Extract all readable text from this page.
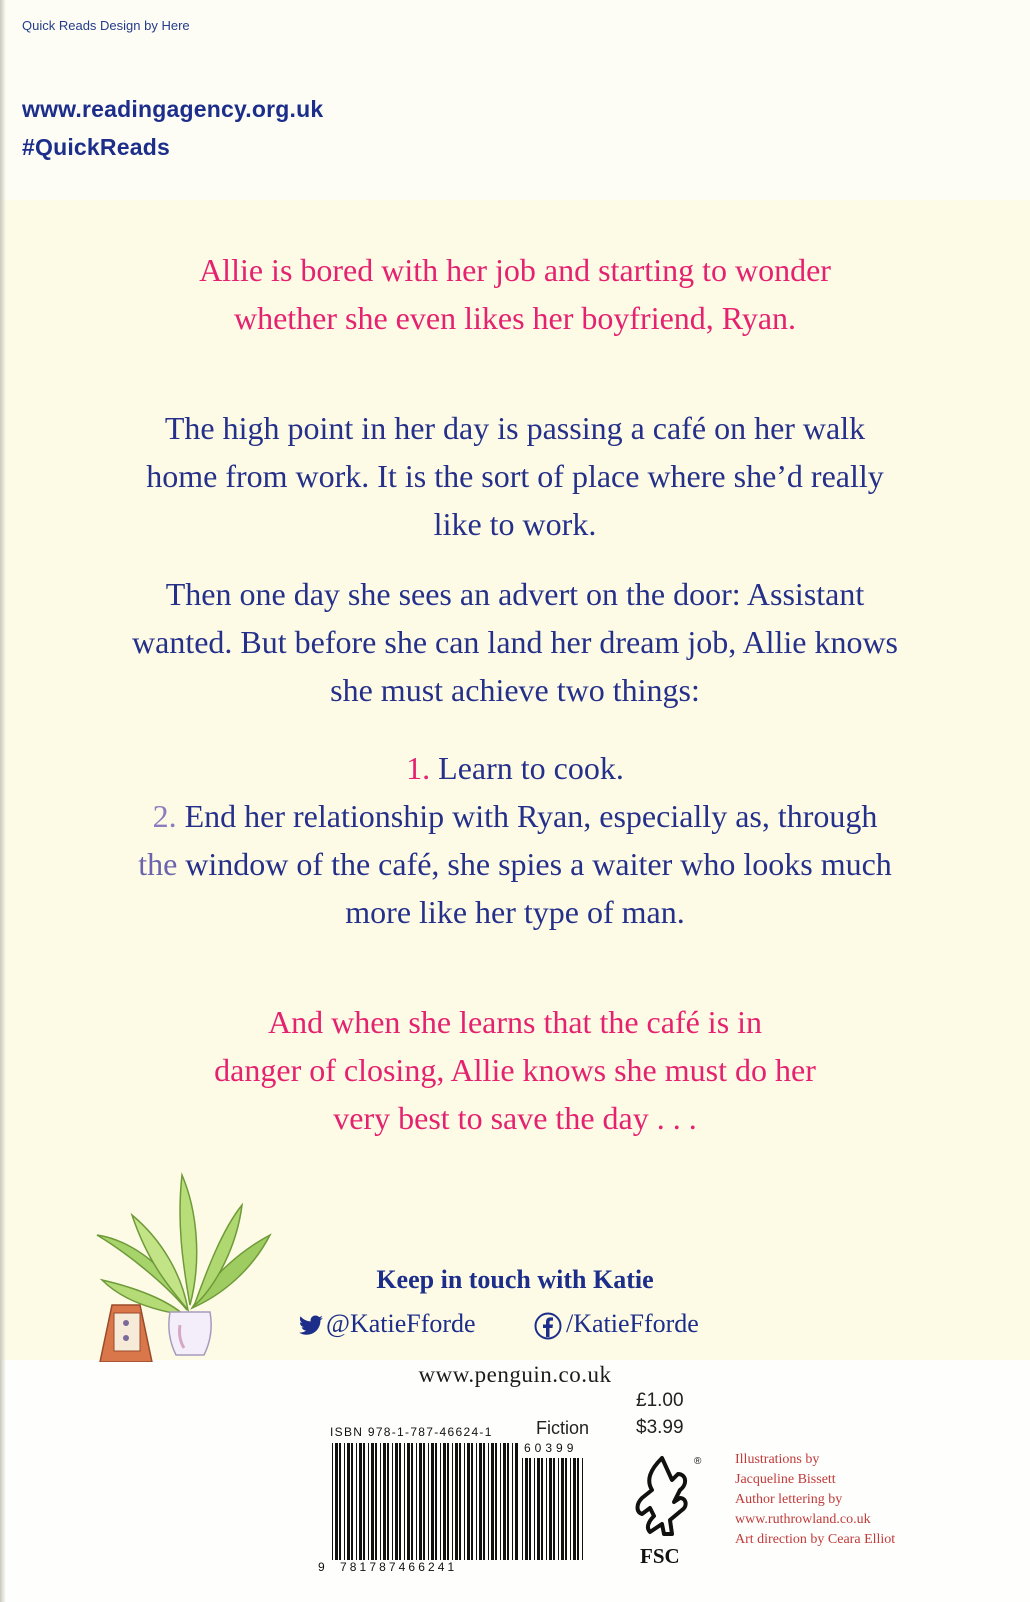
Quick Reads Design by Here
www.readingagency.org.uk
#QuickReads
Allie is bored with her job and starting to wonder
whether she even likes her boyfriend, Ryan.
The high point in her day is passing a café on her walk
home from work. It is the sort of place where she’d really
like to work.
Then one day she sees an advert on the door: Assistant
wanted. But before she can land her dream job, Allie knows
she must achieve two things:
1. Learn to cook.
2. End her relationship with Ryan, especially as, through
the window of the café, she spies a waiter who looks much
more like her type of man.
And when she learns that the café is in
danger of closing, Allie knows she must do her
very best to save the day . . .
Keep in touch with Katie
@KatieFforde	/KatieFforde
www.penguin.co.uk
£1.00
$3.99
Fiction
ISBN 978-1-787-46624-1
60399
9 781787466241
®
FSC
Illustrations by
Jacqueline Bissett
Author lettering by
www.ruthrowland.co.uk
Art direction by Ceara Elliot
